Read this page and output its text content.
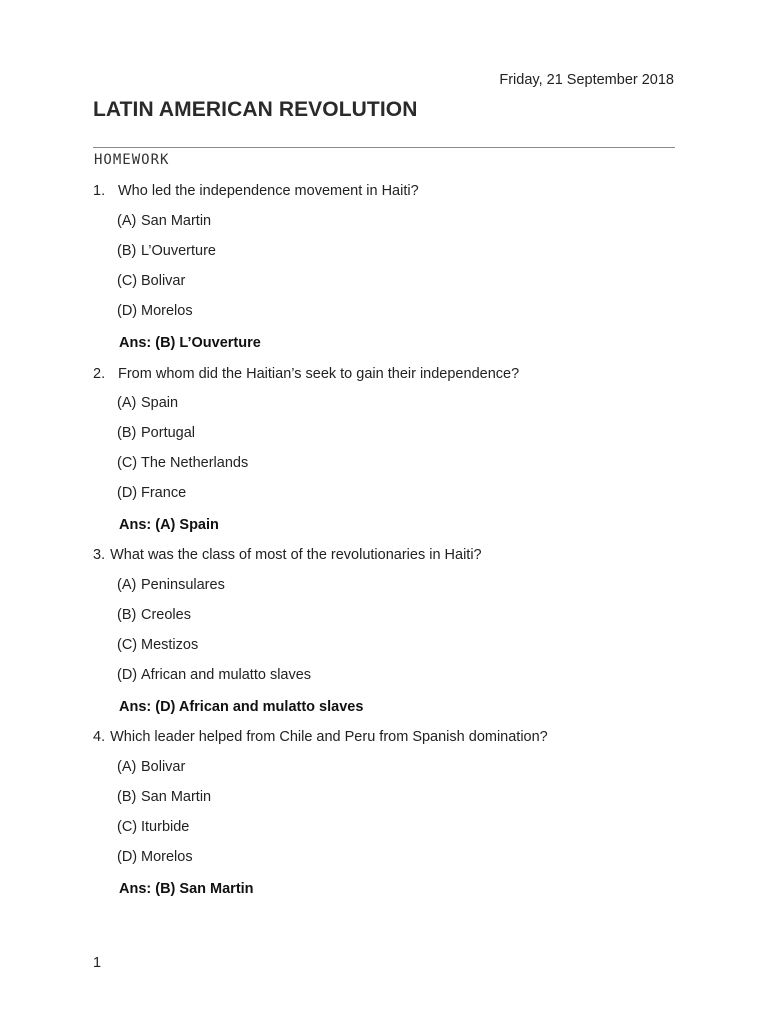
Friday, 21 September 2018
LATIN AMERICAN REVOLUTION
HOMEWORK
1. Who led the independence movement in Haiti?
(A) San Martin
(B) L’Ouverture
(C) Bolivar
(D) Morelos
Ans: (B) L’Ouverture
2. From whom did the Haitian’s seek to gain their independence?
(A) Spain
(B) Portugal
(C) The Netherlands
(D) France
Ans: (A) Spain
3. What was the class of most of the revolutionaries in Haiti?
(A) Peninsulares
(B) Creoles
(C) Mestizos
(D) African and mulatto slaves
Ans: (D) African and mulatto slaves
4. Which leader helped from Chile and Peru from Spanish domination?
(A) Bolivar
(B) San Martin
(C) Iturbide
(D) Morelos
Ans: (B) San Martin
1
